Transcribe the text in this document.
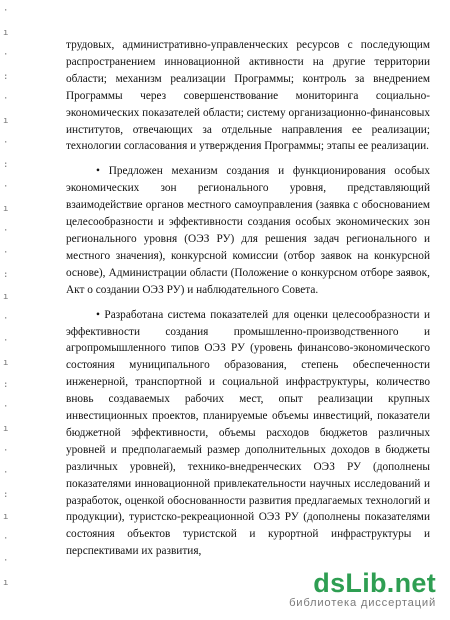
·
ı
·
:
·
ı
·
:
·
ı
·
·
:
ı
·
·
ı
:
·
ı
·
·
:
ı
·
·
ı

трудовых, административно-управленческих ресурсов с последующим распространением инновационной активности на другие территории области; механизм реализации Программы; контроль за внедрением Программы через совершенствование мониторинга социально-экономических показателей области; систему организационно-финансовых институтов, отвечающих за отдельные направления ее реализации; технологии согласования и утверждения Программы; этапы ее реализации.

• Предложен механизм создания и функционирования особых экономических зон регионального уровня, представляющий взаимодействие органов местного самоуправления (заявка с обоснованием целесообразности и эффективности создания особых экономических зон регионального уровня (ОЭЗ РУ) для решения задач регионального и местного значения), конкурсной комиссии (отбор заявок на конкурсной основе), Администрации области (Положение о конкурсном отборе заявок, Акт о создании ОЭЗ РУ) и наблюдательного Совета.

• Разработана система показателей для оценки целесообразности и эффективности создания промышленно-производственного и агропромышленного типов ОЭЗ РУ (уровень финансово-экономического состояния муниципального образования, степень обеспеченности инженерной, транспортной и социальной инфраструктуры, количество вновь создаваемых рабочих мест, опыт реализации крупных инвестиционных проектов, планируемые объемы инвестиций, показатели бюджетной эффективности, объемы расходов бюджетов различных уровней и предполагаемый размер дополнительных доходов в бюджеты различных уровней), технико-внедренческих ОЭЗ РУ (дополнены показателями инновационной привлекательности научных исследований и разработок, оценкой обоснованности развития предлагаемых технологий и продукции), туристско-рекреационной ОЭЗ РУ (дополнены показателями состояния объектов туристской и курортной инфраструктуры и перспективами их развития,

dsLib.net
библиотека диссертаций
